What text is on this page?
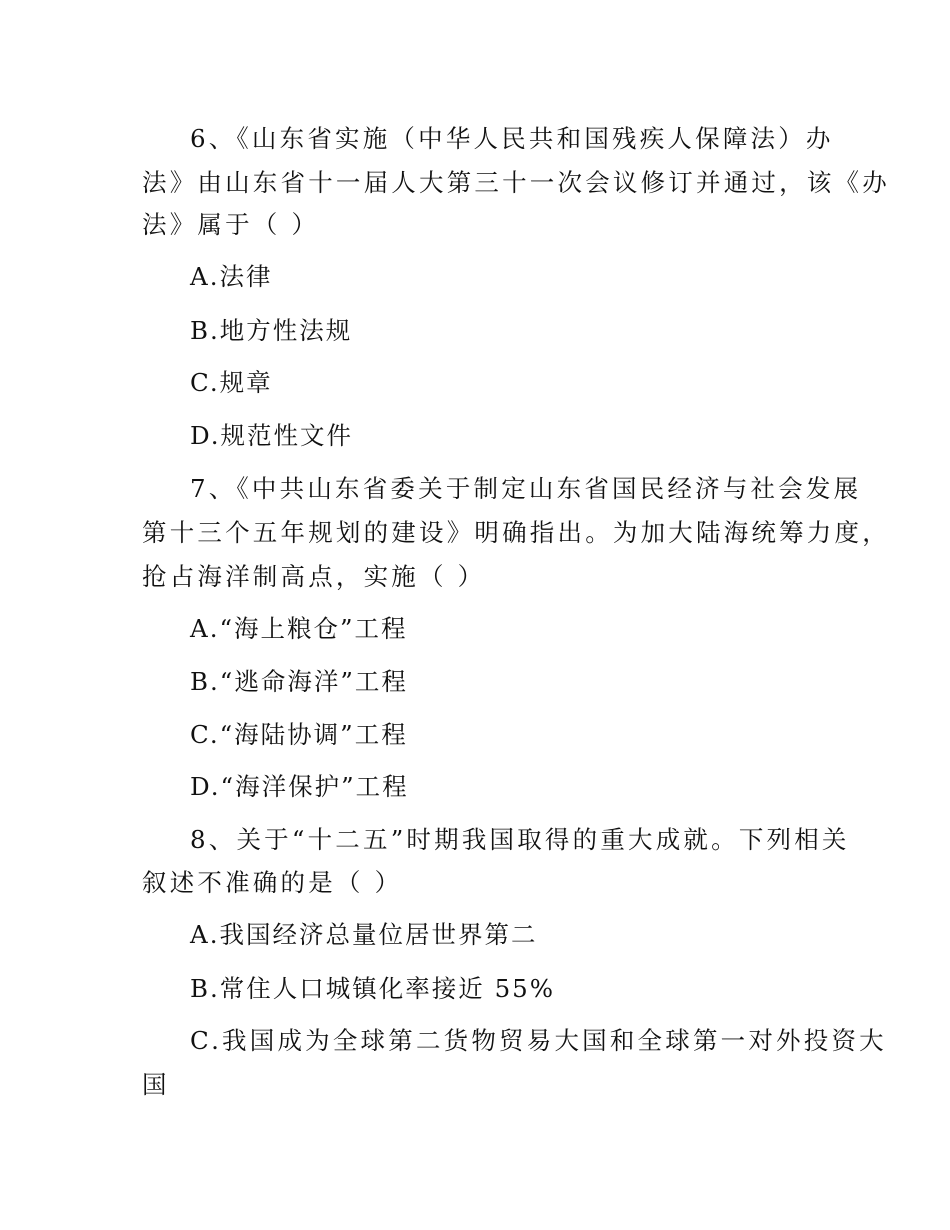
6、《山东省实施（中华人民共和国残疾人保障法）办
法》由山东省十一届人大第三十一次会议修订并通过，该《办
法》属于（ ）
A.法律
B.地方性法规
C.规章
D.规范性文件
7、《中共山东省委关于制定山东省国民经济与社会发展
第十三个五年规划的建设》明确指出。为加大陆海统筹力度，
抢占海洋制高点，实施（ ）
A.“海上粮仓”工程
B.“逃命海洋”工程
C.“海陆协调”工程
D.“海洋保护”工程
8、关于“十二五”时期我国取得的重大成就。下列相关
叙述不准确的是（ ）
A.我国经济总量位居世界第二
B.常住人口城镇化率接近 55%
C.我国成为全球第二货物贸易大国和全球第一对外投资大
国
